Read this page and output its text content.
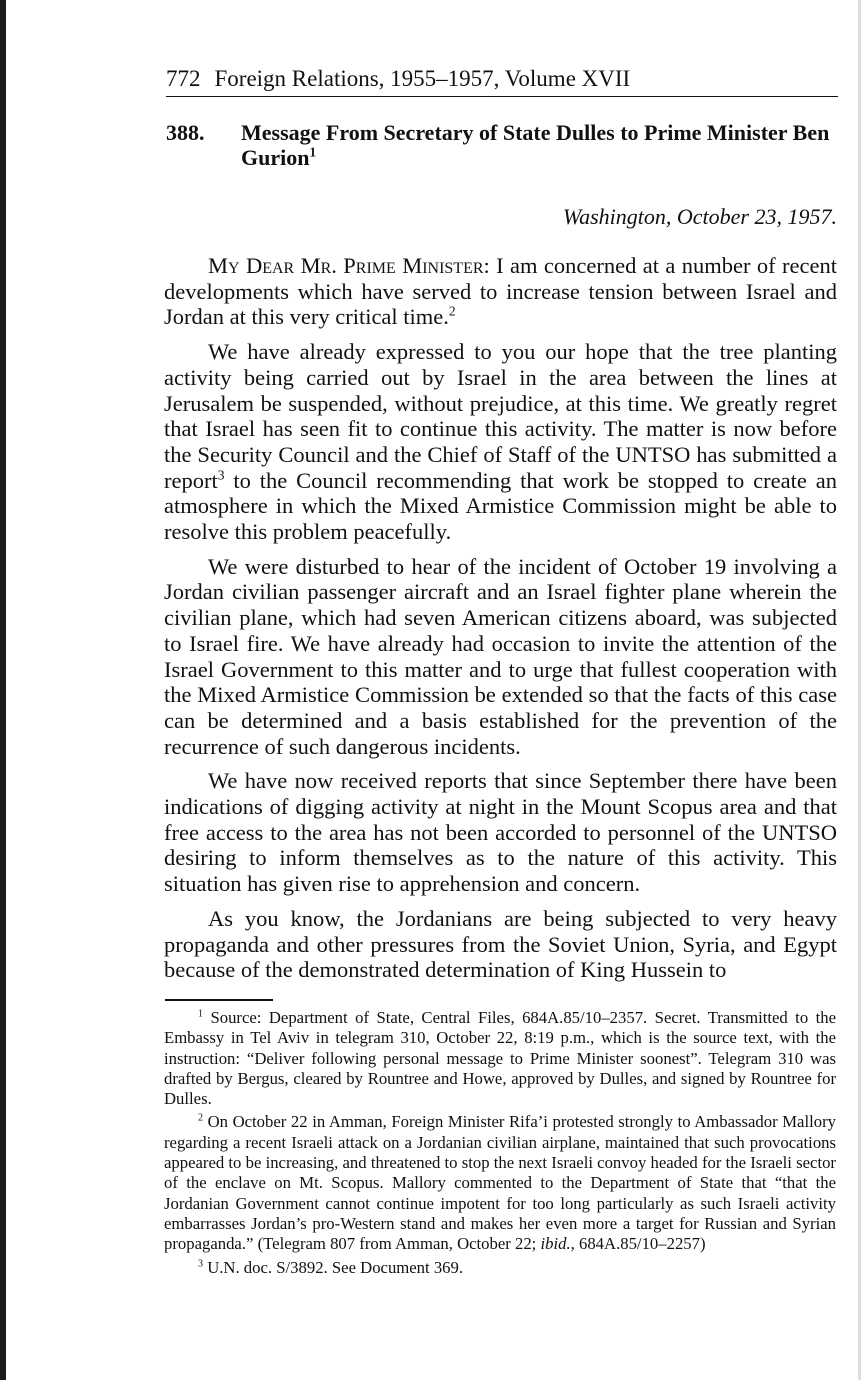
772 Foreign Relations, 1955–1957, Volume XVII
388. Message From Secretary of State Dulles to Prime Minister Ben Gurion$^1$
Washington, October 23, 1957.

My Dear Mr. Prime Minister: I am concerned at a number of recent developments which have served to increase tension between Israel and Jordan at this very critical time.$^2$

We have already expressed to you our hope that the tree planting activity being carried out by Israel in the area between the lines at Jerusalem be suspended, without prejudice, at this time. We greatly regret that Israel has seen fit to continue this activity. The matter is now before the Security Council and the Chief of Staff of the UNTSO has submitted a report$^3$ to the Council recommending that work be stopped to create an atmosphere in which the Mixed Armistice Commission might be able to resolve this problem peacefully.

We were disturbed to hear of the incident of October 19 involving a Jordan civilian passenger aircraft and an Israel fighter plane wherein the civilian plane, which had seven American citizens aboard, was subjected to Israel fire. We have already had occasion to invite the attention of the Israel Government to this matter and to urge that fullest cooperation with the Mixed Armistice Commission be extended so that the facts of this case can be determined and a basis established for the prevention of the recurrence of such dangerous incidents.

We have now received reports that since September there have been indications of digging activity at night in the Mount Scopus area and that free access to the area has not been accorded to personnel of the UNTSO desiring to inform themselves as to the nature of this activity. This situation has given rise to apprehension and concern.

As you know, the Jordanians are being subjected to very heavy propaganda and other pressures from the Soviet Union, Syria, and Egypt because of the demonstrated determination of King Hussein to

$^1$ Source: Department of State, Central Files, 684A.85/10–2357. Secret. Transmitted to the Embassy in Tel Aviv in telegram 310, October 22, 8:19 p.m., which is the source text, with the instruction: “Deliver following personal message to Prime Minister soonest”. Telegram 310 was drafted by Bergus, cleared by Rountree and Howe, approved by Dulles, and signed by Rountree for Dulles.

$^2$ On October 22 in Amman, Foreign Minister Rifa’i protested strongly to Ambassador Mallory regarding a recent Israeli attack on a Jordanian civilian airplane, maintained that such provocations appeared to be increasing, and threatened to stop the next Israeli convoy headed for the Israeli sector of the enclave on Mt. Scopus. Mallory commented to the Department of State that “that the Jordanian Government cannot continue impotent for too long particularly as such Israeli activity embarrasses Jordan’s pro-Western stand and makes her even more a target for Russian and Syrian propaganda.” (Telegram 807 from Amman, October 22; ibid., 684A.85/10–2257)

$^3$ U.N. doc. S/3892. See Document 369.
